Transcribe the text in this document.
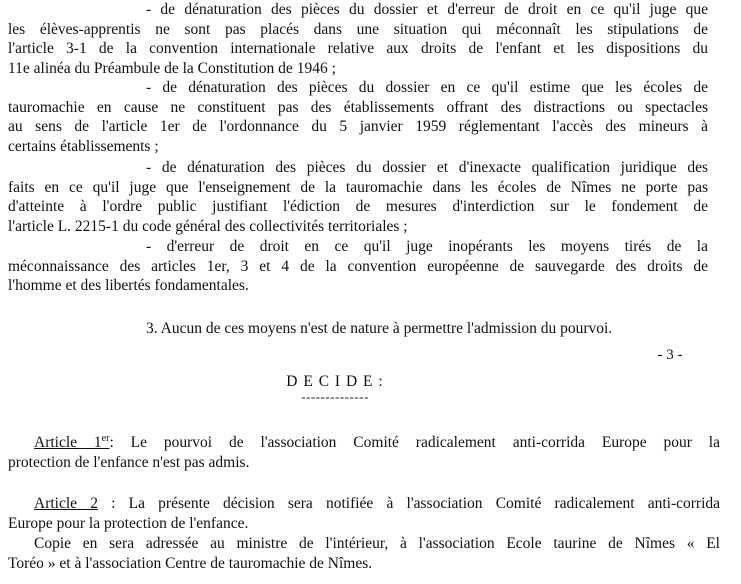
- de dénaturation des pièces du dossier et d'erreur de droit en ce qu'il juge que
les élèves-apprentis ne sont pas placés dans une situation qui méconnaît les stipulations de
l'article 3-1 de la convention internationale relative aux droits de l'enfant et les dispositions du
11e alinéa du Préambule de la Constitution de 1946 ;
- de dénaturation des pièces du dossier en ce qu'il estime que les écoles de
tauromachie en cause ne constituent pas des établissements offrant des distractions ou spectacles
au sens de l'article 1er de l'ordonnance du 5 janvier 1959 réglementant l'accès des mineurs à
certains établissements ;
- de dénaturation des pièces du dossier et d'inexacte qualification juridique des
faits en ce qu'il juge que l'enseignement de la tauromachie dans les écoles de Nîmes ne porte pas
d'atteinte à l'ordre public justifiant l'édiction de mesures d'interdiction sur le fondement de
l'article L. 2215-1 du code général des collectivités territoriales ;
- d'erreur de droit en ce qu'il juge inopérants les moyens tirés de la
méconnaissance des articles 1er, 3 et 4 de la convention européenne de sauvegarde des droits de
l'homme et des libertés fondamentales.

3. Aucun de ces moyens n'est de nature à permettre l'admission du pourvoi.

- 3 -

D E C I D E :

--------------

Article 1er: Le pourvoi de l'association Comité radicalement anti-corrida Europe pour la
protection de l'enfance n'est pas admis.
Article 2 : La présente décision sera notifiée à l'association Comité radicalement anti-corrida
Europe pour la protection de l'enfance.
Copie en sera adressée au ministre de l'intérieur, à l'association Ecole taurine de Nîmes « El
Toréo » et à l'association Centre de tauromachie de Nîmes.
